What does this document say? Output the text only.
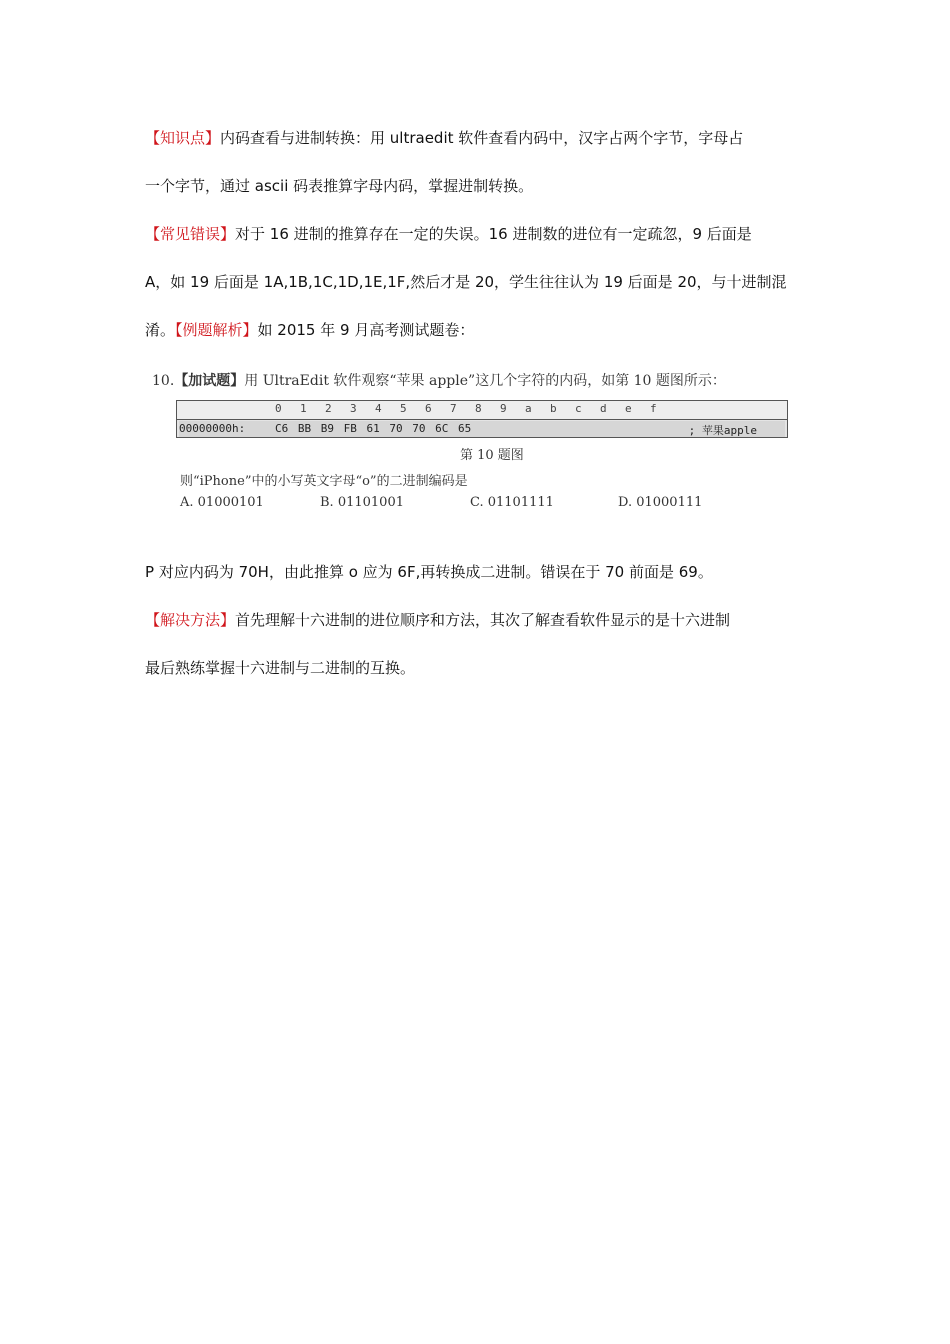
【知识点】内码查看与进制转换：用 ultraedit 软件查看内码中，汉字占两个字节，字母占
一个字节，通过 ascii 码表推算字母内码，掌握进制转换。
【常见错误】对于 16 进制的推算存在一定的失误。16 进制数的进位有一定疏忽，9 后面是
A，如 19 后面是 1A,1B,1C,1D,1E,1F,然后才是 20，学生往往认为 19 后面是 20，与十进制混
淆。【例题解析】如 2015 年 9 月高考测试题卷：
10.【加试题】用 UltraEdit 软件观察“苹果 apple”这几个字符的内码，如第 10 题图所示：
0 1 2 3 4 5 6 7 8 9 a b c d e f
00000000h:	C6 BB B9 FB 61 70 70 6C 65	; 苹果apple
第 10 题图
则“iPhone”中的小写英文字母“o”的二进制编码是
A. 01000101	B. 01101001	C. 01101111	D. 01000111
P 对应内码为 70H，由此推算 o 应为 6F,再转换成二进制。错误在于 70 前面是 69。
【解决方法】首先理解十六进制的进位顺序和方法，其次了解查看软件显示的是十六进制
最后熟练掌握十六进制与二进制的互换。
